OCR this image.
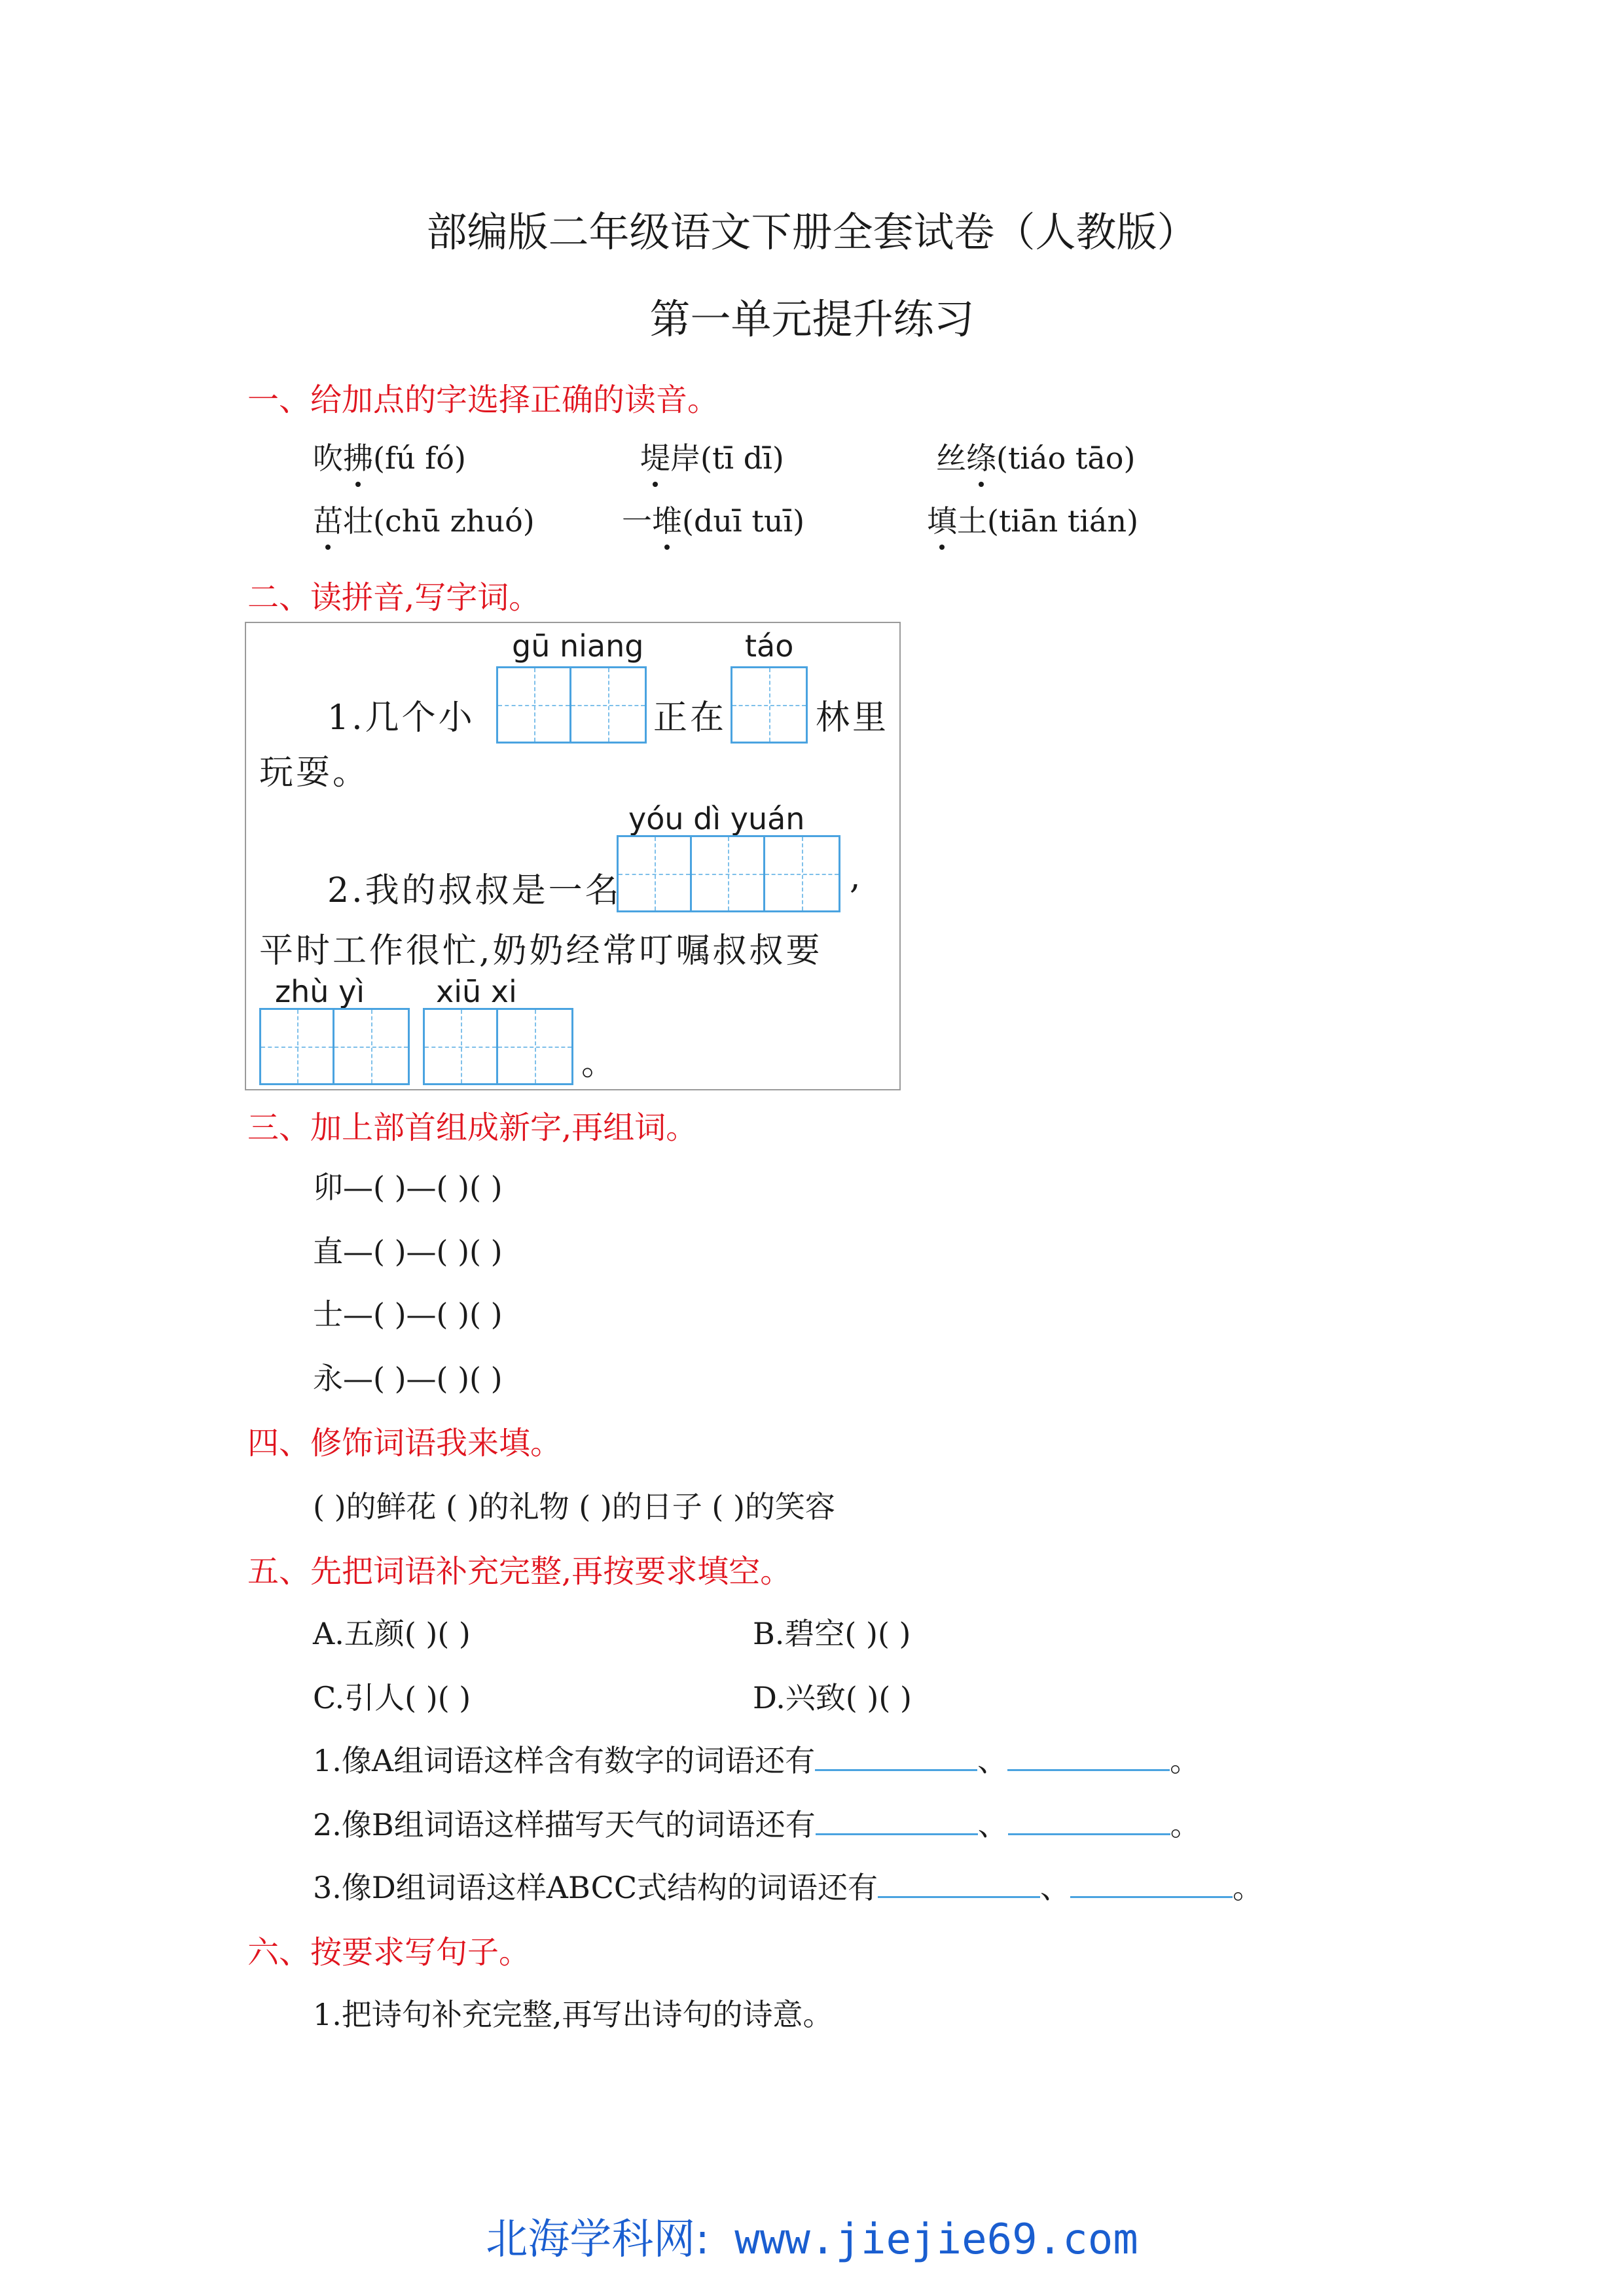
部编版二年级语文下册全套试卷（人教版）
第一单元提升练习
一、给加点的字选择正确的读音。
吹拂(fú fó)	堤岸(tī dī)	丝绦(tiáo tāo)
茁壮(chū zhuó)	一堆(duī tuī)	填土(tiān tián)
二、读拼音,写字词。
gū niang	táo
1.几个小	正在	林里
玩耍。
yóu dì yuán
2.我的叔叔是一名	,
平时工作很忙,奶奶经常叮嘱叔叔要
zhù yì xiū xi
。
三、加上部首组成新字,再组词。
卯—( )—( )( )
直—( )—( )( )
士—( )—( )( )
永—( )—( )( )
四、修饰词语我来填。
( )的鲜花 ( )的礼物 ( )的日子 ( )的笑容
五、先把词语补充完整,再按要求填空。
A.五颜( )( )	B.碧空( )( )
C.引人( )( )	D.兴致( )( )
1.像A组词语这样含有数字的词语还有	、	。
2.像B组词语这样描写天气的词语还有	、	。
3.像D组词语这样ABCC式结构的词语还有	、	。
六、按要求写句子。
1.把诗句补充完整,再写出诗句的诗意。
北海学科网: www.jiejie69.com
